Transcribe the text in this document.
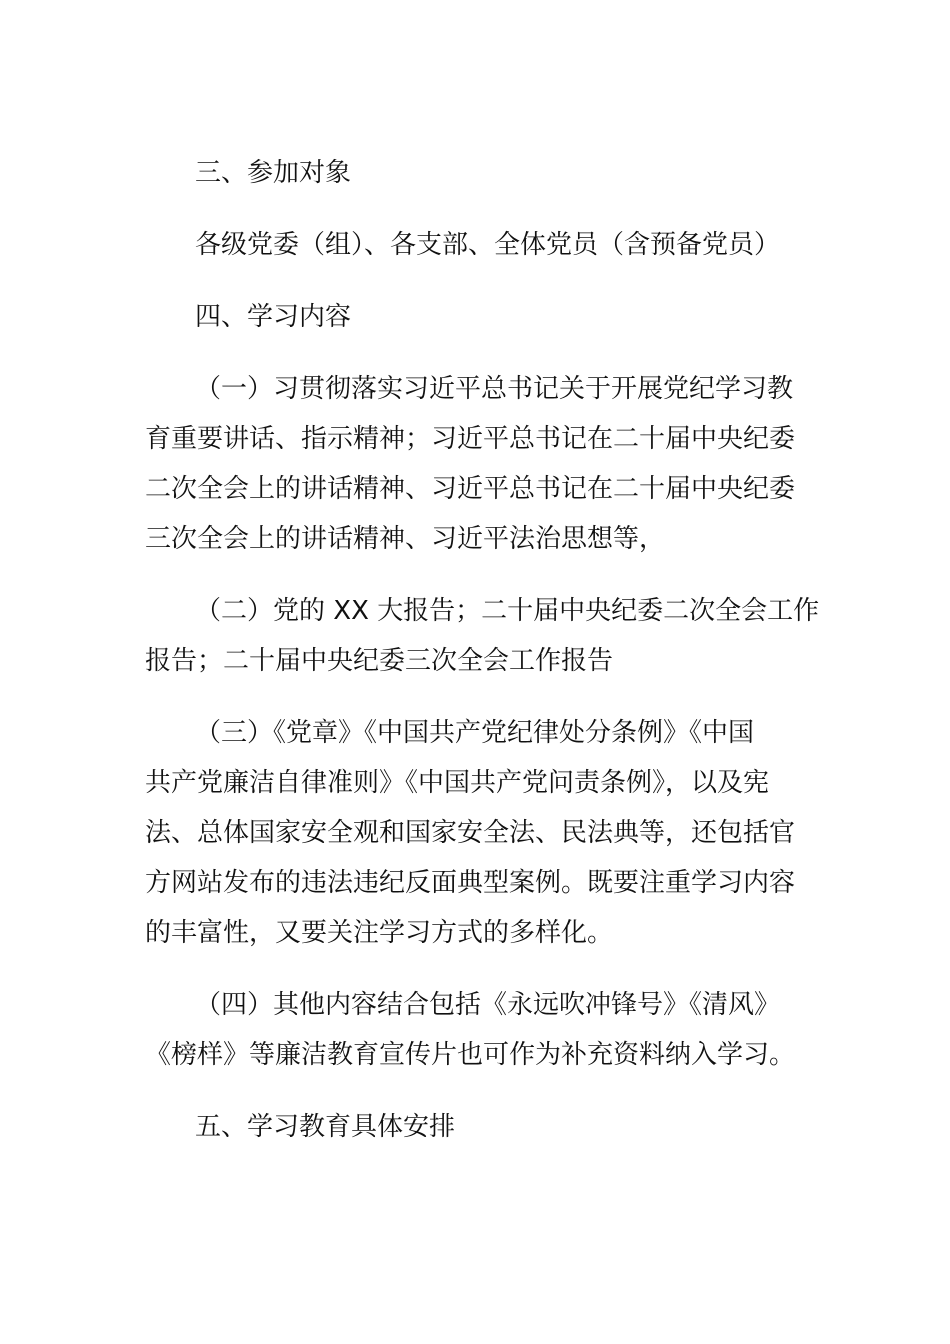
三、参加对象
各级党委（组）、各支部、全体党员（含预备党员）
四、学习内容
（一）习贯彻落实习近平总书记关于开展党纪学习教
育重要讲话、指示精神；习近平总书记在二十届中央纪委
二次全会上的讲话精神、习近平总书记在二十届中央纪委
三次全会上的讲话精神、习近平法治思想等，
（二）党的 XX 大报告；二十届中央纪委二次全会工作
报告；二十届中央纪委三次全会工作报告
（三）《党章》《中国共产党纪律处分条例》《中国
共产党廉洁自律准则》《中国共产党问责条例》，以及宪
法、总体国家安全观和国家安全法、民法典等，还包括官
方网站发布的违法违纪反面典型案例。既要注重学习内容
的丰富性，又要关注学习方式的多样化。
（四）其他内容结合包括《永远吹冲锋号》《清风》
《榜样》等廉洁教育宣传片也可作为补充资料纳入学习。
五、学习教育具体安排
